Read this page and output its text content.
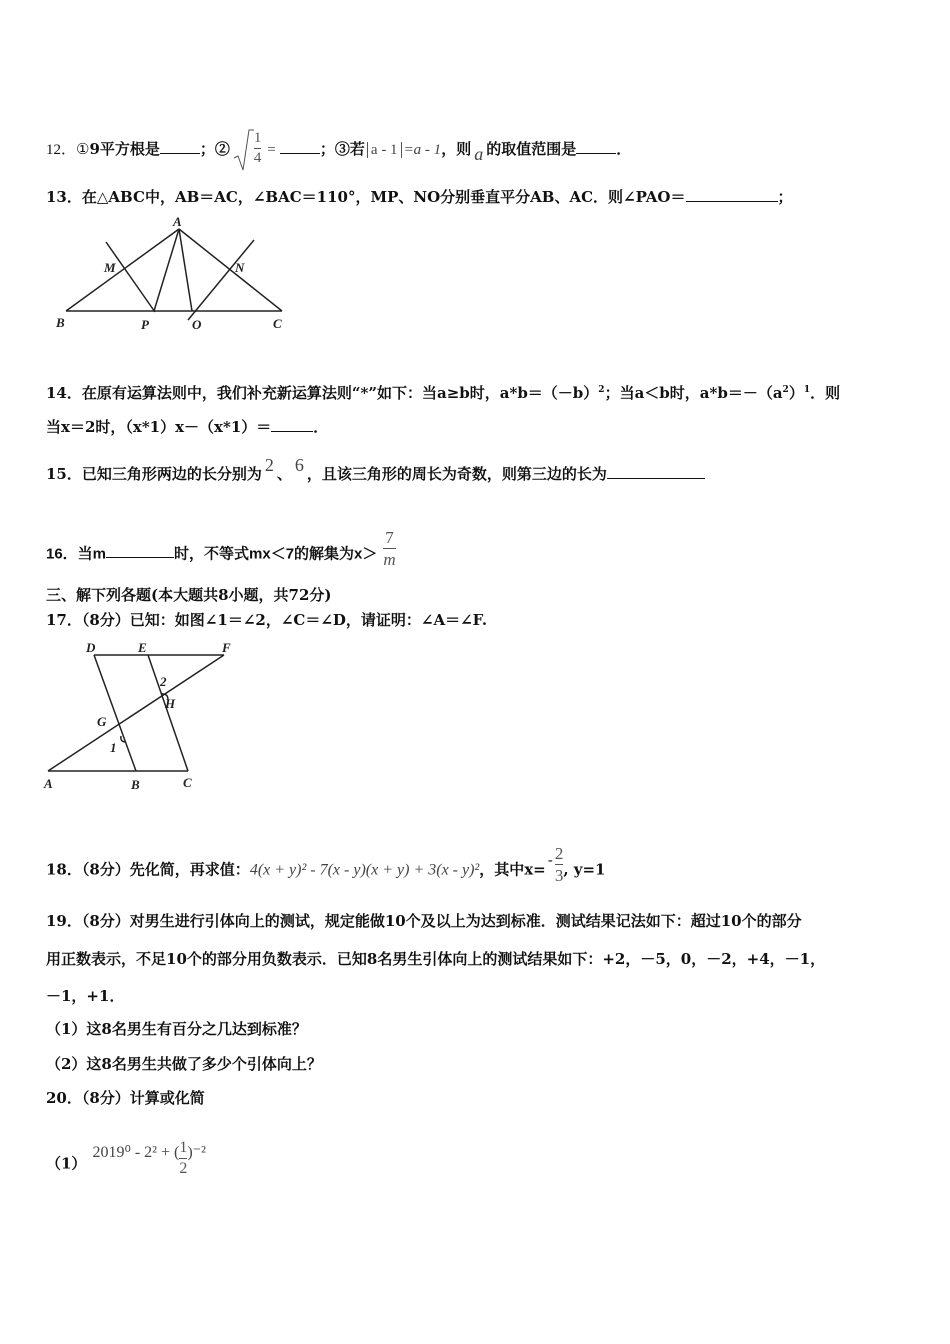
12．①9平方根是	；② $\frac{1}{4}$ =	；③若 a - 1 =a - 1，则 a 的取值范围是	．
13．在△ABC中，AB＝AC，∠BAC＝110°，MP、NO分别垂直平分AB、AC．则∠PAO＝	；
A
M	N
B	P	O	C
14．在原有运算法则中，我们补充新运算法则“*”如下：当a≥b时，$a*b=(-b)^2$；当a＜b时，$a*b=-(a^2)^1$．则
当x＝2时，（x*1）x－（x*1）＝	．
15．已知三角形两边的长分别为 2 、 6 ，且该三角形的周长为奇数，则第三边的长为
16．当m	时，不等式mx＜7的解集为$x> \frac{7}{m}$
三、解下列各题(本大题共8小题，共72分)
17．（8分）已知：如图∠1＝∠2，∠C＝∠D，请证明：∠A＝∠F.
D	E	F
2
H
G
1
A	B	C
18．（8分）先化简，再求值：4(x + y)² - 7(x - y)(x + y) + 3(x - y)²，其中$x=- \frac{2}{3}$ , y=1
19．（8分）对男生进行引体向上的测试，规定能做10个及以上为达到标准．测试结果记法如下：超过10个的部分
用正数表示，不足10个的部分用负数表示．已知8名男生引体向上的测试结果如下：+2，－5，0，－2，+4，－1，
－1，+1．
（1）这8名男生有百分之几达到标准？
（2）这8名男生共做了多少个引体向上？
20．（8分）计算或化简
（1）2019⁰ - 2² + ( $\frac{1}{2} )^{-2}$
